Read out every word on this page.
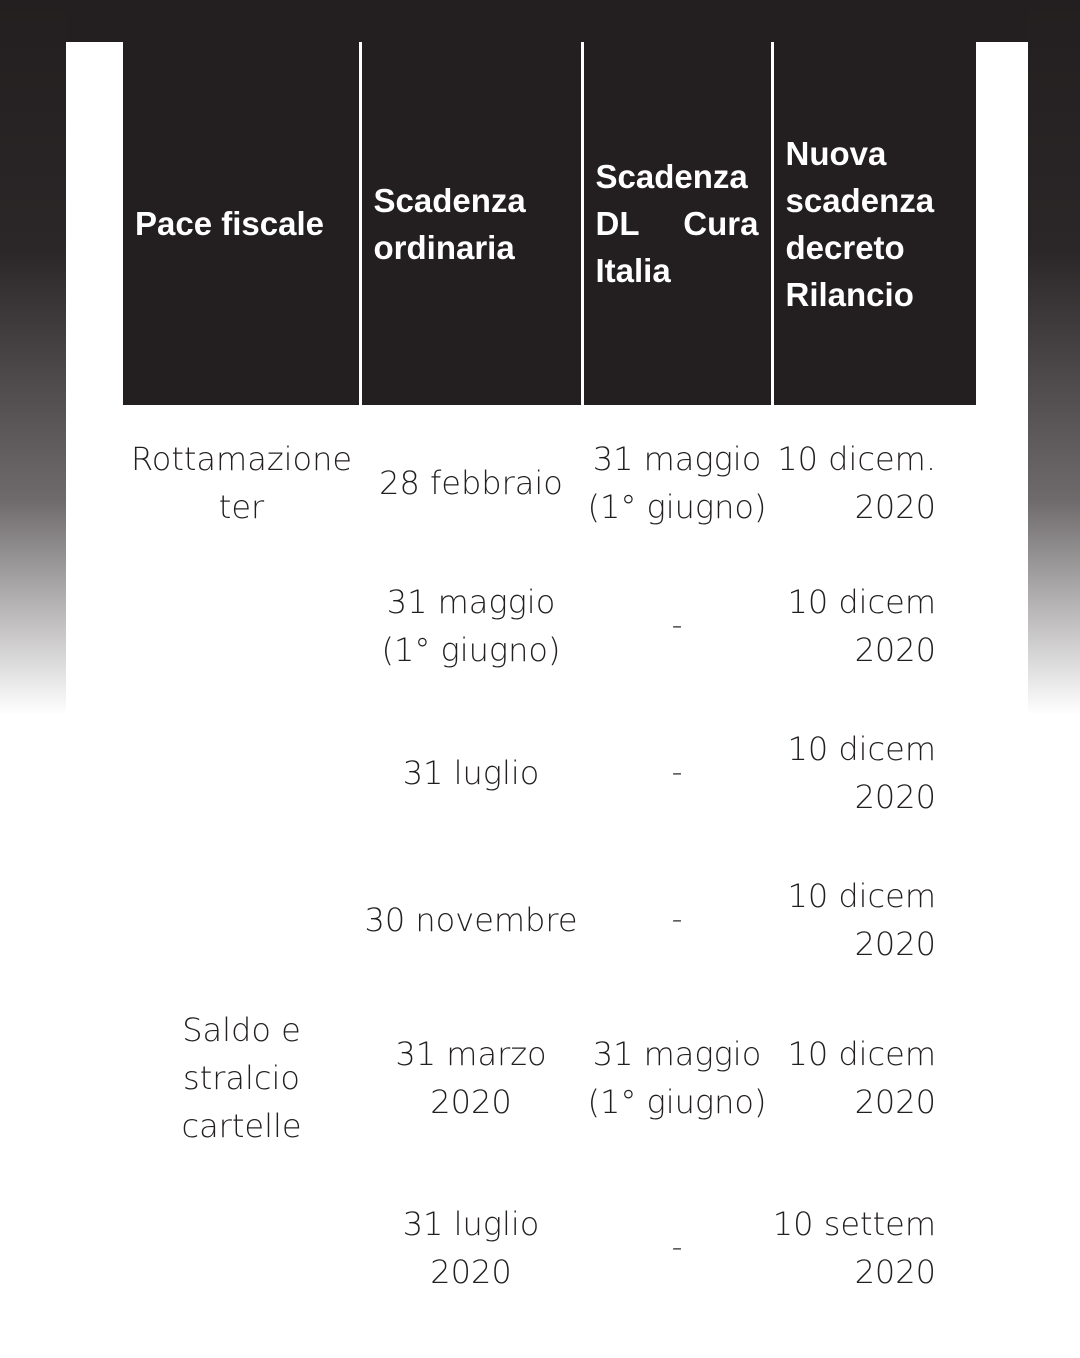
Pace fiscale	Scadenza ordinaria	Scadenza DL Cura Italia	Nuova scadenza decreto Rilancio
Rottamazione ter	28 febbraio	31 maggio (1° giugno)	10 dicem. 2020
	31 maggio (1° giugno)	-	10 dicem 2020
	31 luglio	-	10 dicem 2020
	30 novembre	-	10 dicem 2020
Saldo e stralcio cartelle	31 marzo 2020	31 maggio (1° giugno)	10 dicem 2020
	31 luglio 2020	-	10 settem 2020
